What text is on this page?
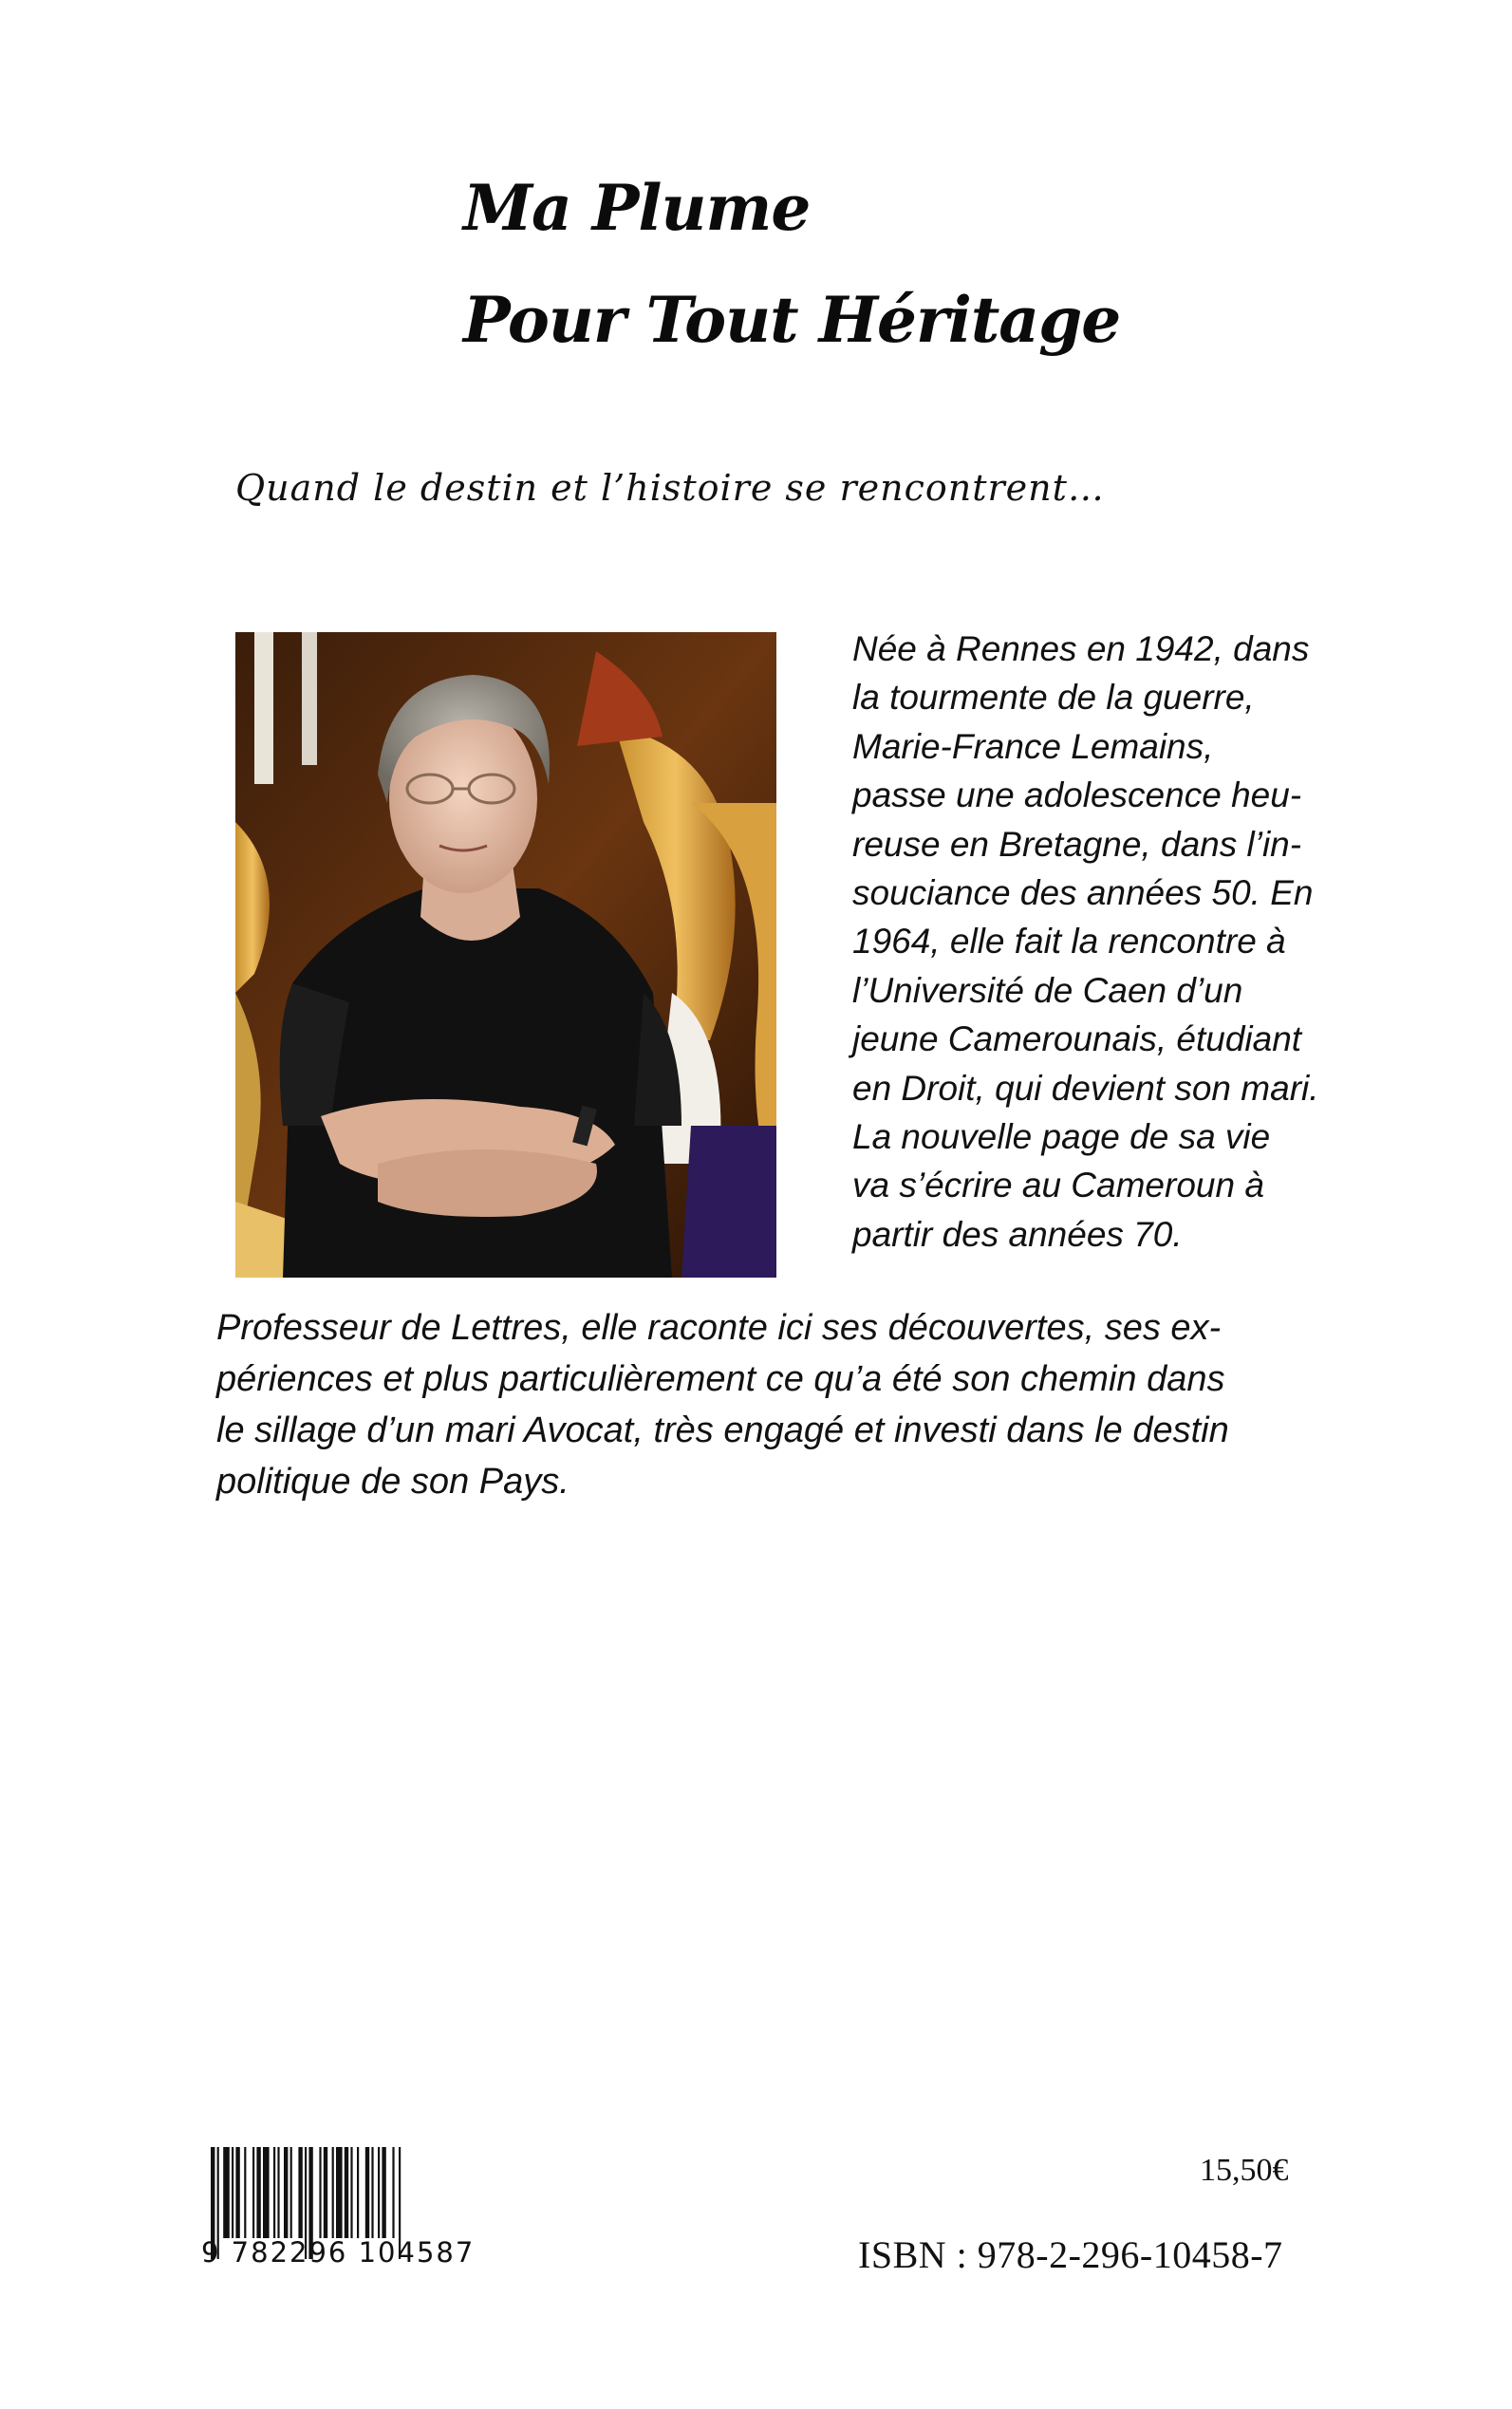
Ma Plume
Pour Tout Héritage
Quand le destin et l’histoire se rencontrent…
Née à Rennes en 1942, dans
la tourmente de la guerre,
Marie-France Lemains,
passe une adolescence heu-
reuse en Bretagne, dans l’in-
souciance des années 50. En
1964, elle fait la rencontre à
l’Université de Caen d’un
jeune Camerounais, étudiant
en Droit, qui devient son mari.
La nouvelle page de sa vie
va s’écrire au Cameroun à
partir des années 70.
Professeur de Lettres, elle raconte ici ses découvertes, ses ex-
périences et plus particulièrement ce qu’a été son chemin dans
le sillage d’un mari Avocat, très engagé et investi dans le destin
politique de son Pays.
9 782296 104587
15,50€
ISBN : 978-2-296-10458-7
